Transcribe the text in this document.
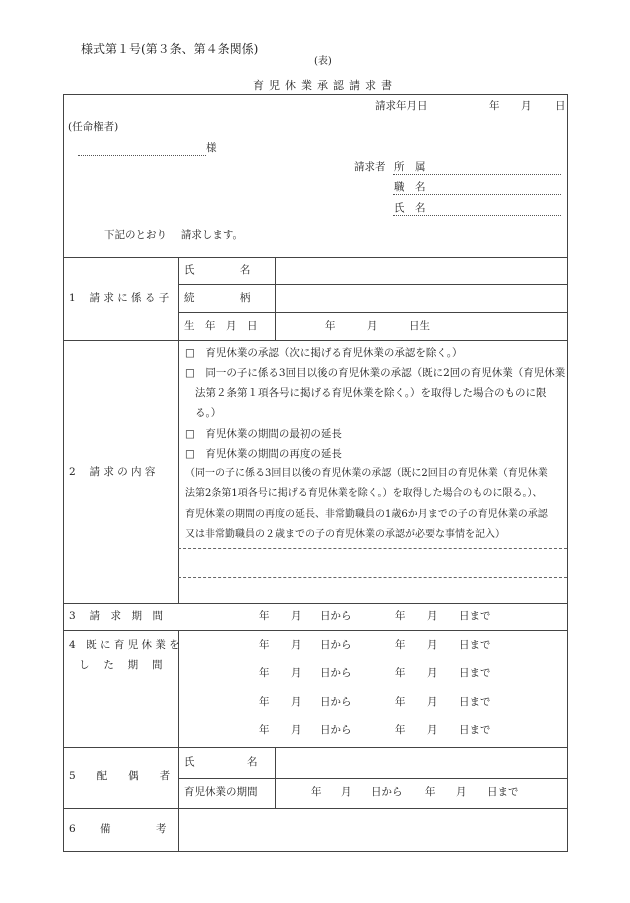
様式第１号(第３条、第４条関係)
(表)
育児休業承認請求書
請求年月日	年 月 日
(任命権者)
様
請求者 所　属
職　名
氏　名
下記のとおり　 請求します。
1　 請 求 に 係 る 子
氏　　　　 名
続　　　　 柄
生　年　月　日	年　　　月　　　日生
2　 請 求 の 内 容
□　育児休業の承認（次に掲げる育児休業の承認を除く。）
□　同一の子に係る3回目以後の育児休業の承認（既に2回の育児休業（育児休業
法第２条第１項各号に掲げる育児休業を除く。）を取得した場合のものに限
る。）
□　育児休業の期間の最初の延長
□　育児休業の期間の再度の延長
（同一の子に係る3回目以後の育児休業の承認（既に2回目の育児休業（育児休業
法第2条第1項各号に掲げる育児休業を除く。）を取得した場合のものに限る。）、
育児休業の期間の再度の延長、非常勤職員の1歳6か月までの子の育児休業の承認
又は非常勤職員の２歳までの子の育児休業の承認が必要な事情を記入）
3　 請　求　期　間	年 月 日から	年 月 日まで
4　既 に 育 児 休 業 を
し　 た　 期　 間
年 月 日から	年 月 日まで
年 月 日から	年 月 日まで
年 月 日から	年 月 日まで
年 月 日から	年 月 日まで
5　　配　　偶　　者
氏　　　　　名
育児休業の期間	年 月 日から 年 月 日まで
6　　 備　　　　 考
